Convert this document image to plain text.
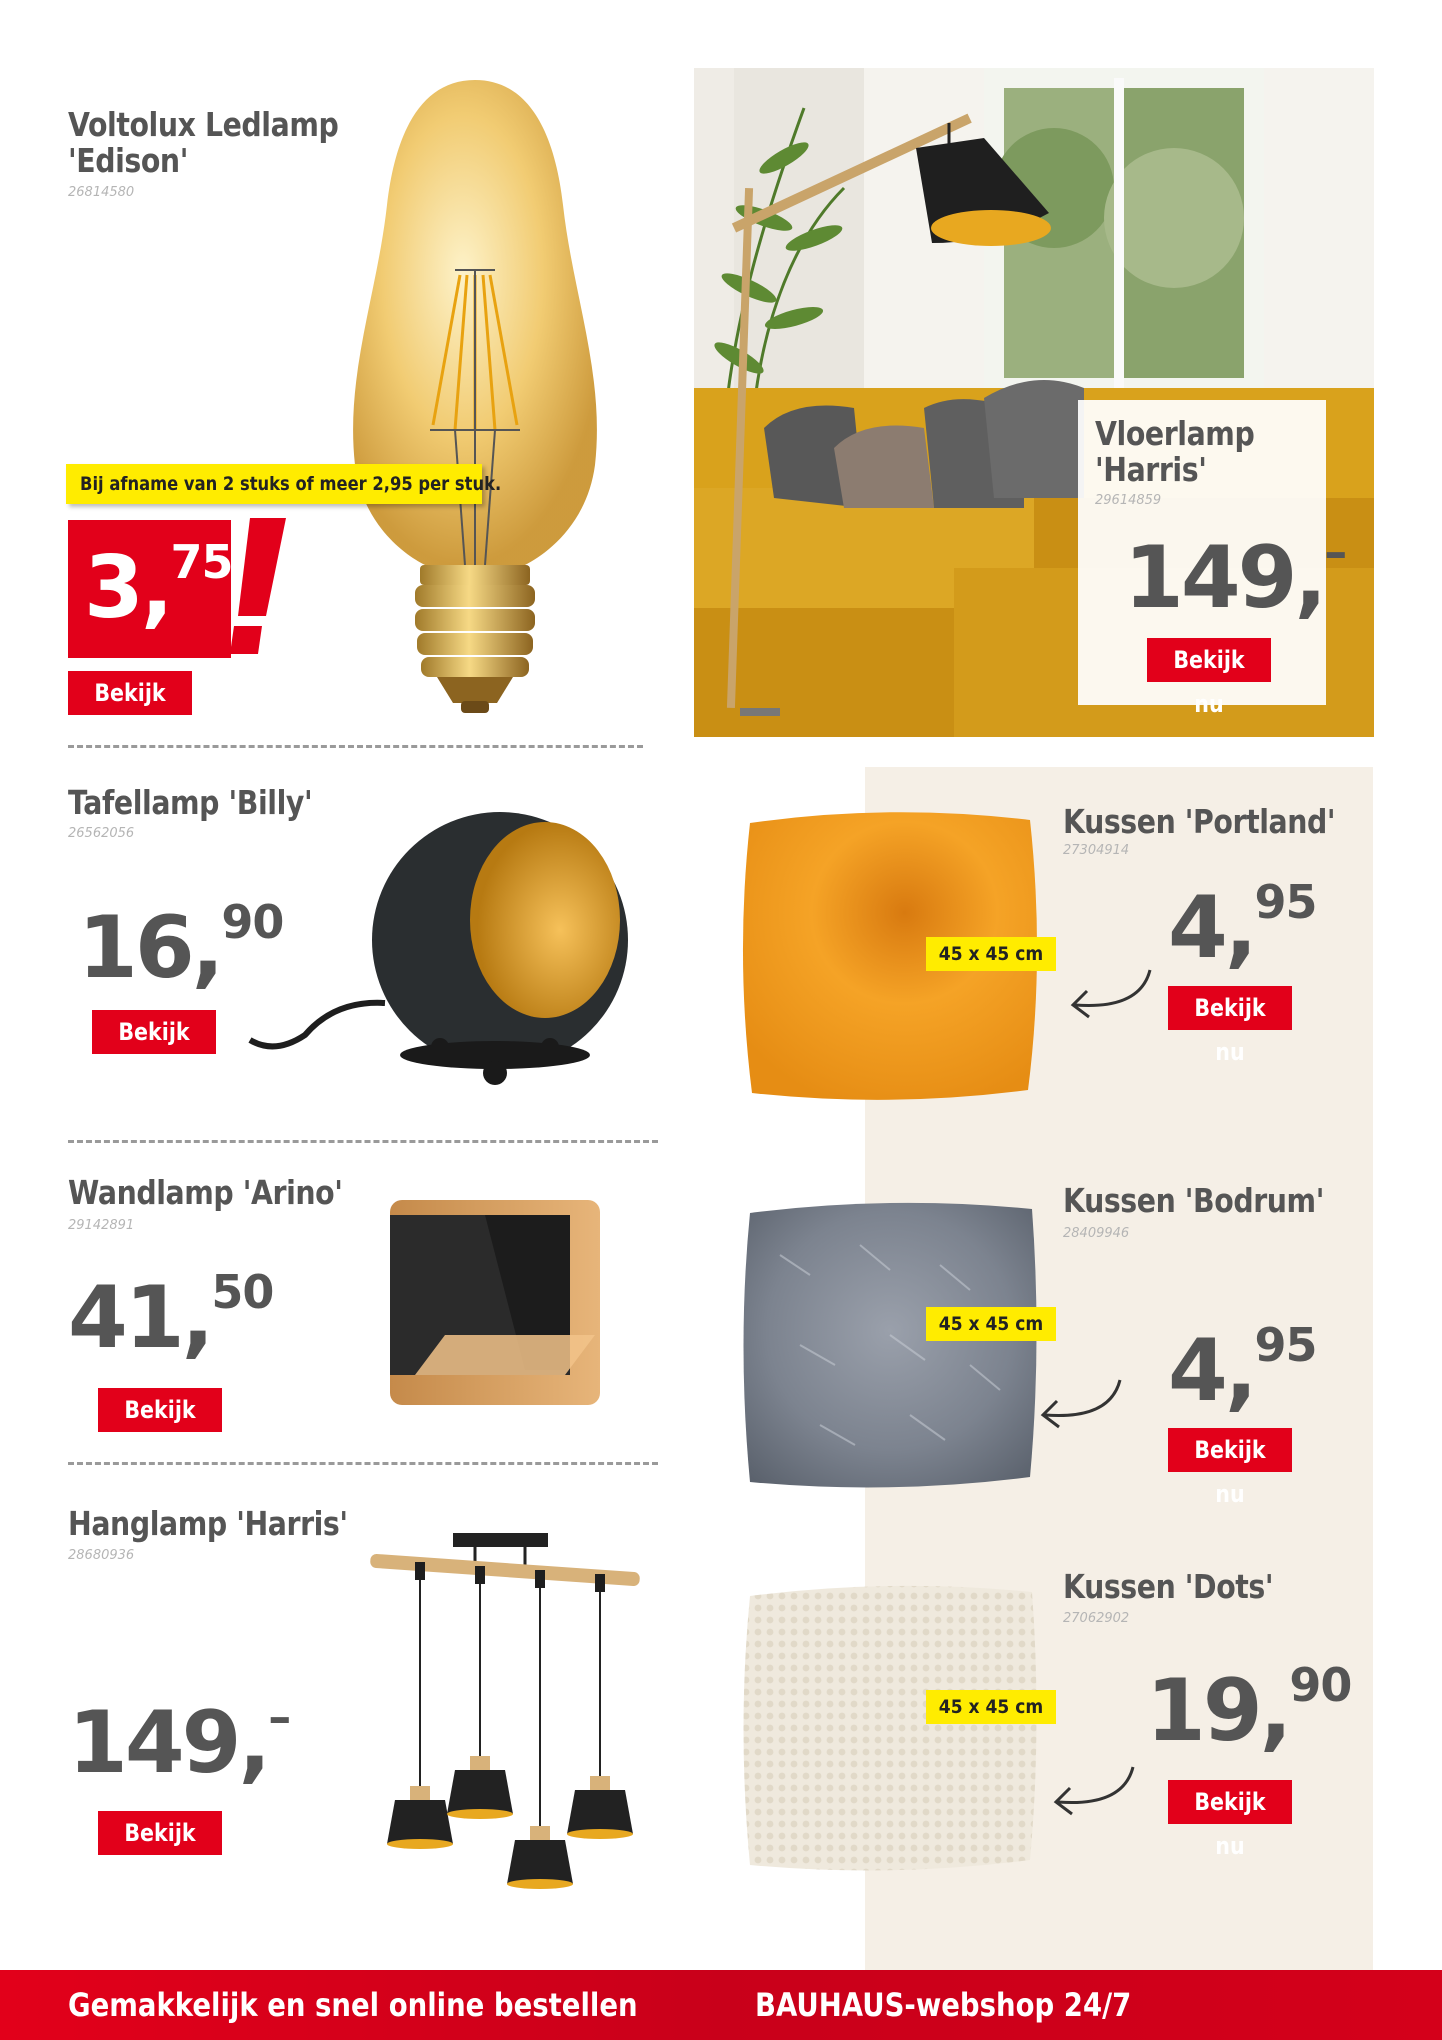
Voltolux Ledlamp
'Edison'
26814580
Bij afname van 2 stuks of meer 2,95 per stuk.
3,75
Bekijk nu
Vloerlamp
'Harris'
29614859
149,–
Bekijk nu
Tafellamp 'Billy'
26562056
16,90
Bekijk nu
Kussen 'Portland'
27304914
45 x 45 cm 4,95
Bekijk nu
Wandlamp 'Arino'
29142891
41,50
Bekijk nu
Kussen 'Bodrum'
28409946
45 x 45 cm 4,95
Bekijk nu
Hanglamp 'Harris'
28680936
149,–
Bekijk nu
Kussen 'Dots'
27062902
45 x 45 cm 19,90
Bekijk nu
Gemakkelijk en snel online bestellen	BAUHAUS-webshop 24/7
